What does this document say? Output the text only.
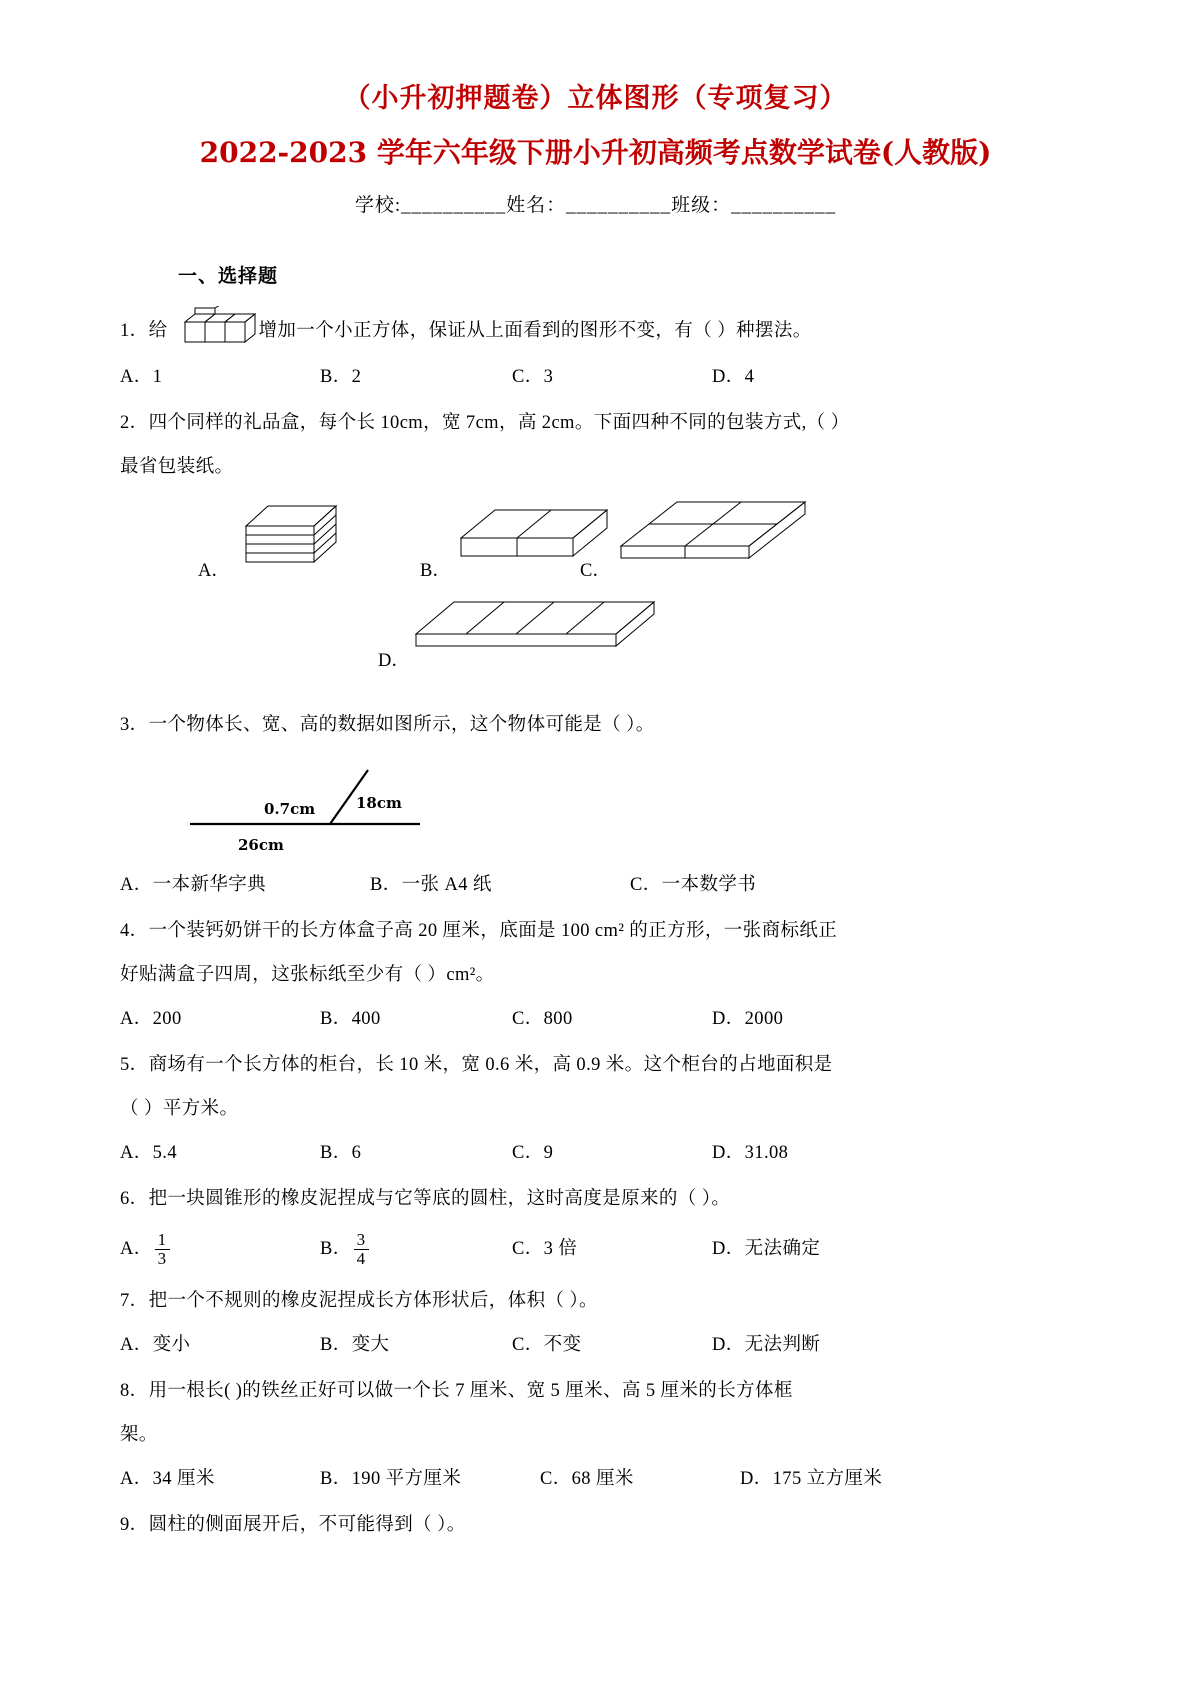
（小升初押题卷）立体图形（专项复习）
2022-2023 学年六年级下册小升初高频考点数学试卷(人教版)
学校:__________姓名：__________班级：__________
一、选择题
1．给	增加一个小正方体，保证从上面看到的图形不变，有（ ）种摆法。
A．1	B．2	C．3	D．4
2．四个同样的礼品盒，每个长 10cm，宽 7cm，高 2cm。下面四种不同的包装方式,（ ）
最省包装纸。
A．	B．	C．
D．
3．一个物体长、宽、高的数据如图所示，这个物体可能是（ ）。
0.7cm	18cm
26cm
A．一本新华字典	B．一张 A4 纸	C．一本数学书
4．一个装钙奶饼干的长方体盒子高 20 厘米，底面是 100 cm² 的正方形，一张商标纸正
好贴满盒子四周，这张标纸至少有（ ）cm²。
A．200	B．400	C．800	D．2000
5．商场有一个长方体的柜台，长 10 米，宽 0.6 米，高 0.9 米。这个柜台的占地面积是
（ ）平方米。
A．5.4	B．6	C．9	D．31.08
6．把一块圆锥形的橡皮泥捏成与它等底的圆柱，这时高度是原来的（ ）。
A． $\frac{1}{3}$	B． $\frac{3}{4}$	C．3 倍	D．无法确定
7．把一个不规则的橡皮泥捏成长方体形状后，体积（ ）。
A．变小	B．变大	C．不变	D．无法判断
8．用一根长( )的铁丝正好可以做一个长 7 厘米、宽 5 厘米、高 5 厘米的长方体框
架。
A．34 厘米	B．190 平方厘米	C．68 厘米	D．175 立方厘米
9．圆柱的侧面展开后，不可能得到（ ）。
